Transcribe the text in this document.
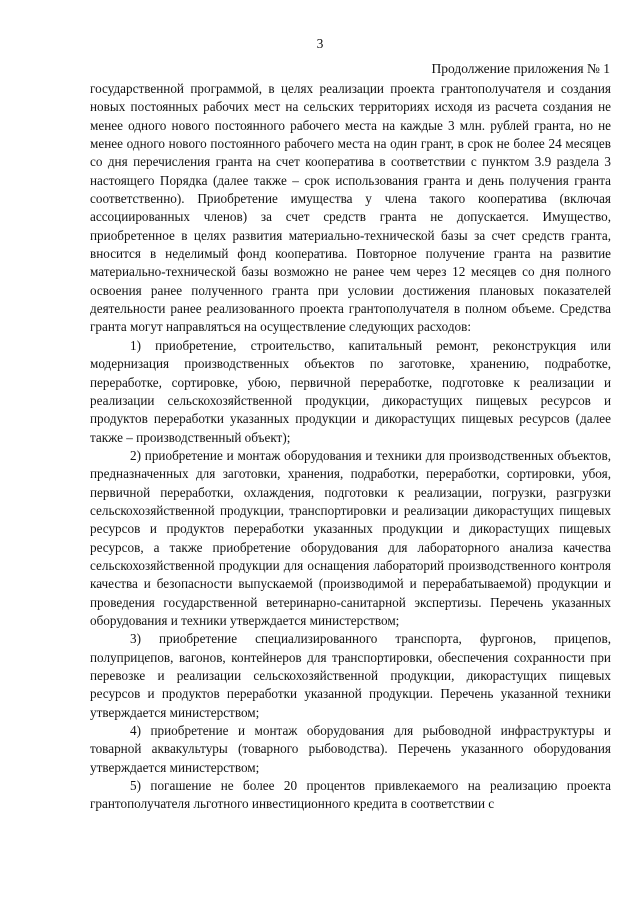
3
Продолжение приложения № 1

государственной программой, в целях реализации проекта грантополучателя и создания новых постоянных рабочих мест на сельских территориях исходя из расчета создания не менее одного нового постоянного рабочего места на каждые 3 млн. рублей гранта, но не менее одного нового постоянного рабочего места на один грант, в срок не более 24 месяцев со дня перечисления гранта на счет кооператива в соответствии с пунктом 3.9 раздела 3 настоящего Порядка (далее также – срок использования гранта и день получения гранта соответственно). Приобретение имущества у члена такого кооператива (включая ассоциированных членов) за счет средств гранта не допускается. Имущество, приобретенное в целях развития материально-технической базы за счет средств гранта, вносится в неделимый фонд кооператива. Повторное получение гранта на развитие материально-технической базы возможно не ранее чем через 12 месяцев со дня полного освоения ранее полученного гранта при условии достижения плановых показателей деятельности ранее реализованного проекта грантополучателя в полном объеме. Средства гранта могут направляться на осуществление следующих расходов:

1) приобретение, строительство, капитальный ремонт, реконструкция или модернизация производственных объектов по заготовке, хранению, подработке, переработке, сортировке, убою, первичной переработке, подготовке к реализации и реализации сельскохозяйственной продукции, дикорастущих пищевых ресурсов и продуктов переработки указанных продукции и дикорастущих пищевых ресурсов (далее также – производственный объект);

2) приобретение и монтаж оборудования и техники для производственных объектов, предназначенных для заготовки, хранения, подработки, переработки, сортировки, убоя, первичной переработки, охлаждения, подготовки к реализации, погрузки, разгрузки сельскохозяйственной продукции, транспортировки и реализации дикорастущих пищевых ресурсов и продуктов переработки указанных продукции и дикорастущих пищевых ресурсов, а также приобретение оборудования для лабораторного анализа качества сельскохозяйственной продукции для оснащения лабораторий производственного контроля качества и безопасности выпускаемой (производимой и перерабатываемой) продукции и проведения государственной ветеринарно-санитарной экспертизы. Перечень указанных оборудования и техники утверждается министерством;

3) приобретение специализированного транспорта, фургонов, прицепов, полуприцепов, вагонов, контейнеров для транспортировки, обеспечения сохранности при перевозке и реализации сельскохозяйственной продукции, дикорастущих пищевых ресурсов и продуктов переработки указанной продукции. Перечень указанной техники утверждается министерством;

4) приобретение и монтаж оборудования для рыбоводной инфраструктуры и товарной аквакультуры (товарного рыбоводства). Перечень указанного оборудования утверждается министерством;

5) погашение не более 20 процентов привлекаемого на реализацию проекта грантополучателя льготного инвестиционного кредита в соответствии с
